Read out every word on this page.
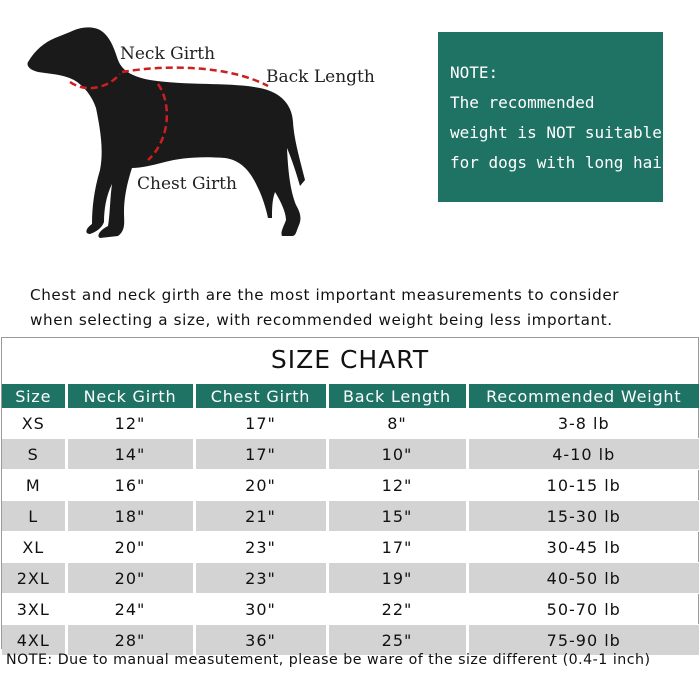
Neck Girth
Back Length
Chest Girth
NOTE:
The recommended
weight is NOT suitable
for dogs with long hair.
Chest and neck girth are the most important measurements to consider
when selecting a size, with recommended weight being less important.
SIZE CHART
Size	Neck Girth	Chest Girth	Back Length	Recommended Weight
XS	12"	17"	8"	3-8 lb
S	14"	17"	10"	4-10 lb
M	16"	20"	12"	10-15 lb
L	18"	21"	15"	15-30 lb
XL	20"	23"	17"	30-45 lb
2XL	20"	23"	19"	40-50 lb
3XL	24"	30"	22"	50-70 lb
4XL	28"	36"	25"	75-90 lb
NOTE: Due to manual measutement, please be ware of the size different (0.4-1 inch)
